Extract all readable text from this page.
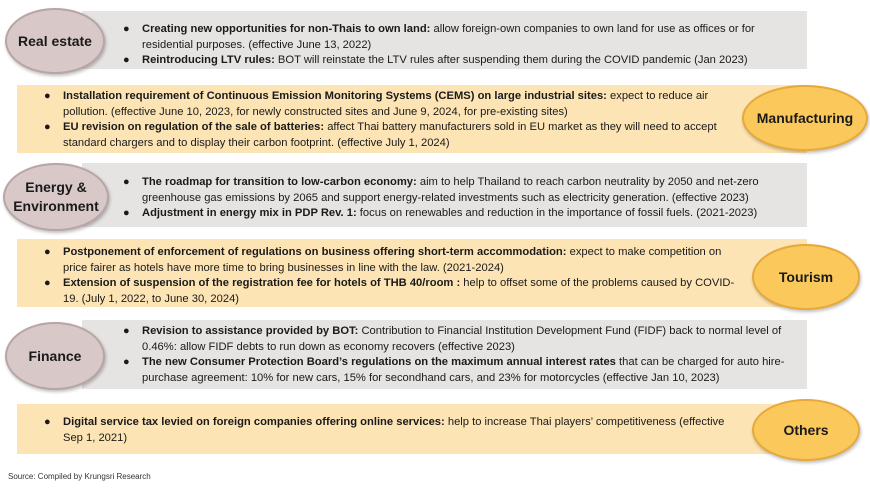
Real estate
● Creating new opportunities for non-Thais to own land: allow foreign-own companies to own land for use as offices or for residential purposes. (effective June 13, 2022)
● Reintroducing LTV rules: BOT will reinstate the LTV rules after suspending them during the COVID pandemic (Jan 2023)
Manufacturing
● Installation requirement of Continuous Emission Monitoring Systems (CEMS) on large industrial sites: expect to reduce air pollution. (effective June 10, 2023, for newly constructed sites and June 9, 2024, for pre-existing sites)
● EU revision on regulation of the sale of batteries: affect Thai battery manufacturers sold in EU market as they will need to accept standard chargers and to display their carbon footprint. (effective July 1, 2024)
Energy &
Environment
● The roadmap for transition to low-carbon economy: aim to help Thailand to reach carbon neutrality by 2050 and net-zero greenhouse gas emissions by 2065 and support energy-related investments such as electricity generation. (effective 2023)
● Adjustment in energy mix in PDP Rev. 1: focus on renewables and reduction in the importance of fossil fuels. (2021-2023)
Tourism
● Postponement of enforcement of regulations on business offering short-term accommodation: expect to make competition on price fairer as hotels have more time to bring businesses in line with the law. (2021-2024)
● Extension of suspension of the registration fee for hotels of THB 40/room : help to offset some of the problems caused by COVID-19. (July 1, 2022, to June 30, 2024)
Finance
● Revision to assistance provided by BOT: Contribution to Financial Institution Development Fund (FIDF) back to normal level of 0.46%: allow FIDF debts to run down as economy recovers (effective 2023)
● The new Consumer Protection Board’s regulations on the maximum annual interest rates that can be charged for auto hire-purchase agreement: 10% for new cars, 15% for secondhand cars, and 23% for motorcycles (effective Jan 10, 2023)
Others
● Digital service tax levied on foreign companies offering online services: help to increase Thai players’ competitiveness (effective Sep 1, 2021)
Source: Compiled by Krungsri Research
